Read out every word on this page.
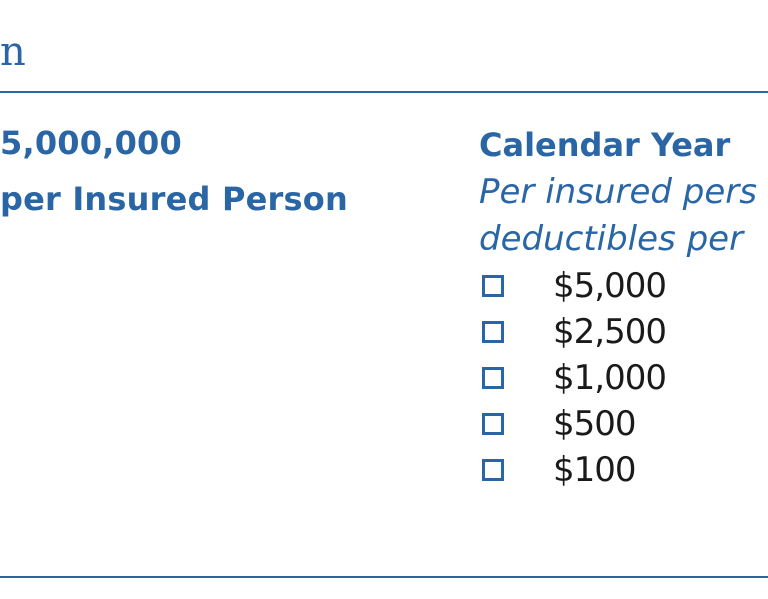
n
5,000,000
per Insured Person
Calendar Year
Per insured pers
deductibles per
$5,000
$2,500
$1,000
$500
$100
